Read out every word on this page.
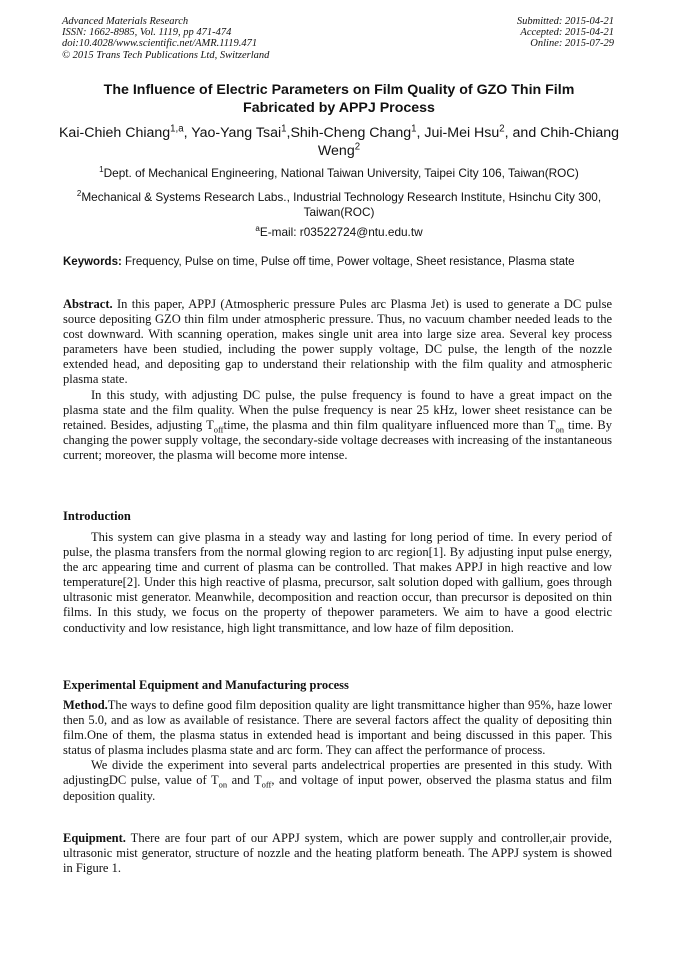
Advanced Materials Research
ISSN: 1662-8985, Vol. 1119, pp 471-474
doi:10.4028/www.scientific.net/AMR.1119.471
© 2015 Trans Tech Publications Ltd, Switzerland
Submitted: 2015-04-21
Accepted: 2015-04-21
Online: 2015-07-29
The Influence of Electric Parameters on Film Quality of GZO Thin Film
Fabricated by APPJ Process
Kai-Chieh Chiang$^{1,a}$, Yao-Yang Tsai$^1$,Shih-Cheng Chang$^1$, Jui-Mei Hsu$^2$, and Chih-Chiang Weng$^2$
$^1$Dept. of Mechanical Engineering, National Taiwan University, Taipei City 106, Taiwan(ROC)
$^2$Mechanical & Systems Research Labs., Industrial Technology Research Institute, Hsinchu City 300, Taiwan(ROC)
$^a$E-mail: r03522724@ntu.edu.tw
Keywords: Frequency, Pulse on time, Pulse off time, Power voltage, Sheet resistance, Plasma state

Abstract. In this paper, APPJ (Atmospheric pressure Pules arc Plasma Jet) is used to generate a DC pulse source depositing GZO thin film under atmospheric pressure. Thus, no vacuum chamber needed leads to the cost downward. With scanning operation, makes single unit area into large size area. Several key process parameters have been studied, including the power supply voltage, DC pulse, the length of the nozzle extended head, and depositing gap to understand their relationship with the film quality and atmospheric plasma state.

In this study, with adjusting DC pulse, the pulse frequency is found to have a great impact on the plasma state and the film quality. When the pulse frequency is near 25 kHz, lower sheet resistance can be retained. Besides, adjusting $T_{off}time$, the plasma and thin film qualityare influenced more than $T_{on}$ time. By changing the power supply voltage, the secondary-side voltage decreases with increasing of the instantaneous current; moreover, the plasma will become more intense.

Introduction

This system can give plasma in a steady way and lasting for long period of time. In every period of pulse, the plasma transfers from the normal glowing region to arc region[1]. By adjusting input pulse energy, the arc appearing time and current of plasma can be controlled. That makes APPJ in high reactive and low temperature[2]. Under this high reactive of plasma, precursor, salt solution doped with gallium, goes through ultrasonic mist generator. Meanwhile, decomposition and reaction occur, than precursor is deposited on thin films. In this study, we focus on the property of thepower parameters. We aim to have a good electric conductivity and low resistance, high light transmittance, and low haze of film deposition.

Experimental Equipment and Manufacturing process

Method.The ways to define good film deposition quality are light transmittance higher than 95%, haze lower then 5.0, and as low as available of resistance. There are several factors affect the quality of depositing thin film.One of them, the plasma status in extended head is important and being discussed in this paper. This status of plasma includes plasma state and arc form. They can affect the performance of process.

We divide the experiment into several parts andelectrical properties are presented in this study. With adjustingDC pulse, value of $T_{on}$ and $T_{off}$, and voltage of input power, observed the plasma status and film deposition quality.

Equipment. There are four part of our APPJ system, which are power supply and controller,air provide, ultrasonic mist generator, structure of nozzle and the heating platform beneath. The APPJ system is showed in Figure 1.
